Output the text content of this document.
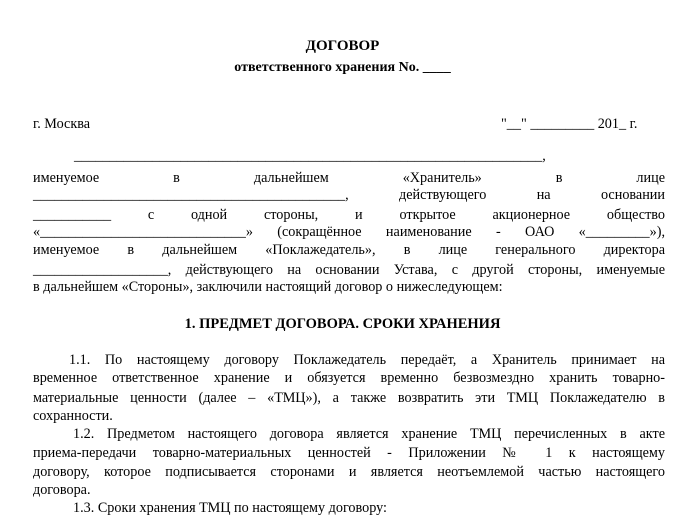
ДОГОВОР
ответственного хранения No. ____
г. Москва	"__" _________ 201_ г.
__________________________________________________________________,
именуемое в дальнейшем «Хранитель» в лице
____________________________________________, действующего на основании
___________ с одной стороны, и открытое акционерное общество
«_____________________________» (сокращённое наименование - ОАО «_________»),
именуемое в дальнейшем «Поклажедатель», в лице генерального директора
___________________, действующего на основании Устава, с другой стороны, именуемые
в дальнейшем «Стороны», заключили настоящий договор о нижеследующем:
1. ПРЕДМЕТ ДОГОВОРА. СРОКИ ХРАНЕНИЯ
1.1. По настоящему договору Поклажедатель передаёт, а Хранитель принимает на
временное ответственное хранение и обязуется временно безвозмездно хранить товарно-
материальные ценности (далее – «ТМЦ»), а также возвратить эти ТМЦ Поклажедателю в
сохранности.
1.2. Предметом настоящего договора является хранение ТМЦ перечисленных в акте
приема-передачи товарно-материальных ценностей - Приложении № 1 к настоящему
договору, которое подписывается сторонами и является неотъемлемой частью настоящего
договора.
1.3. Сроки хранения ТМЦ по настоящему договору:
